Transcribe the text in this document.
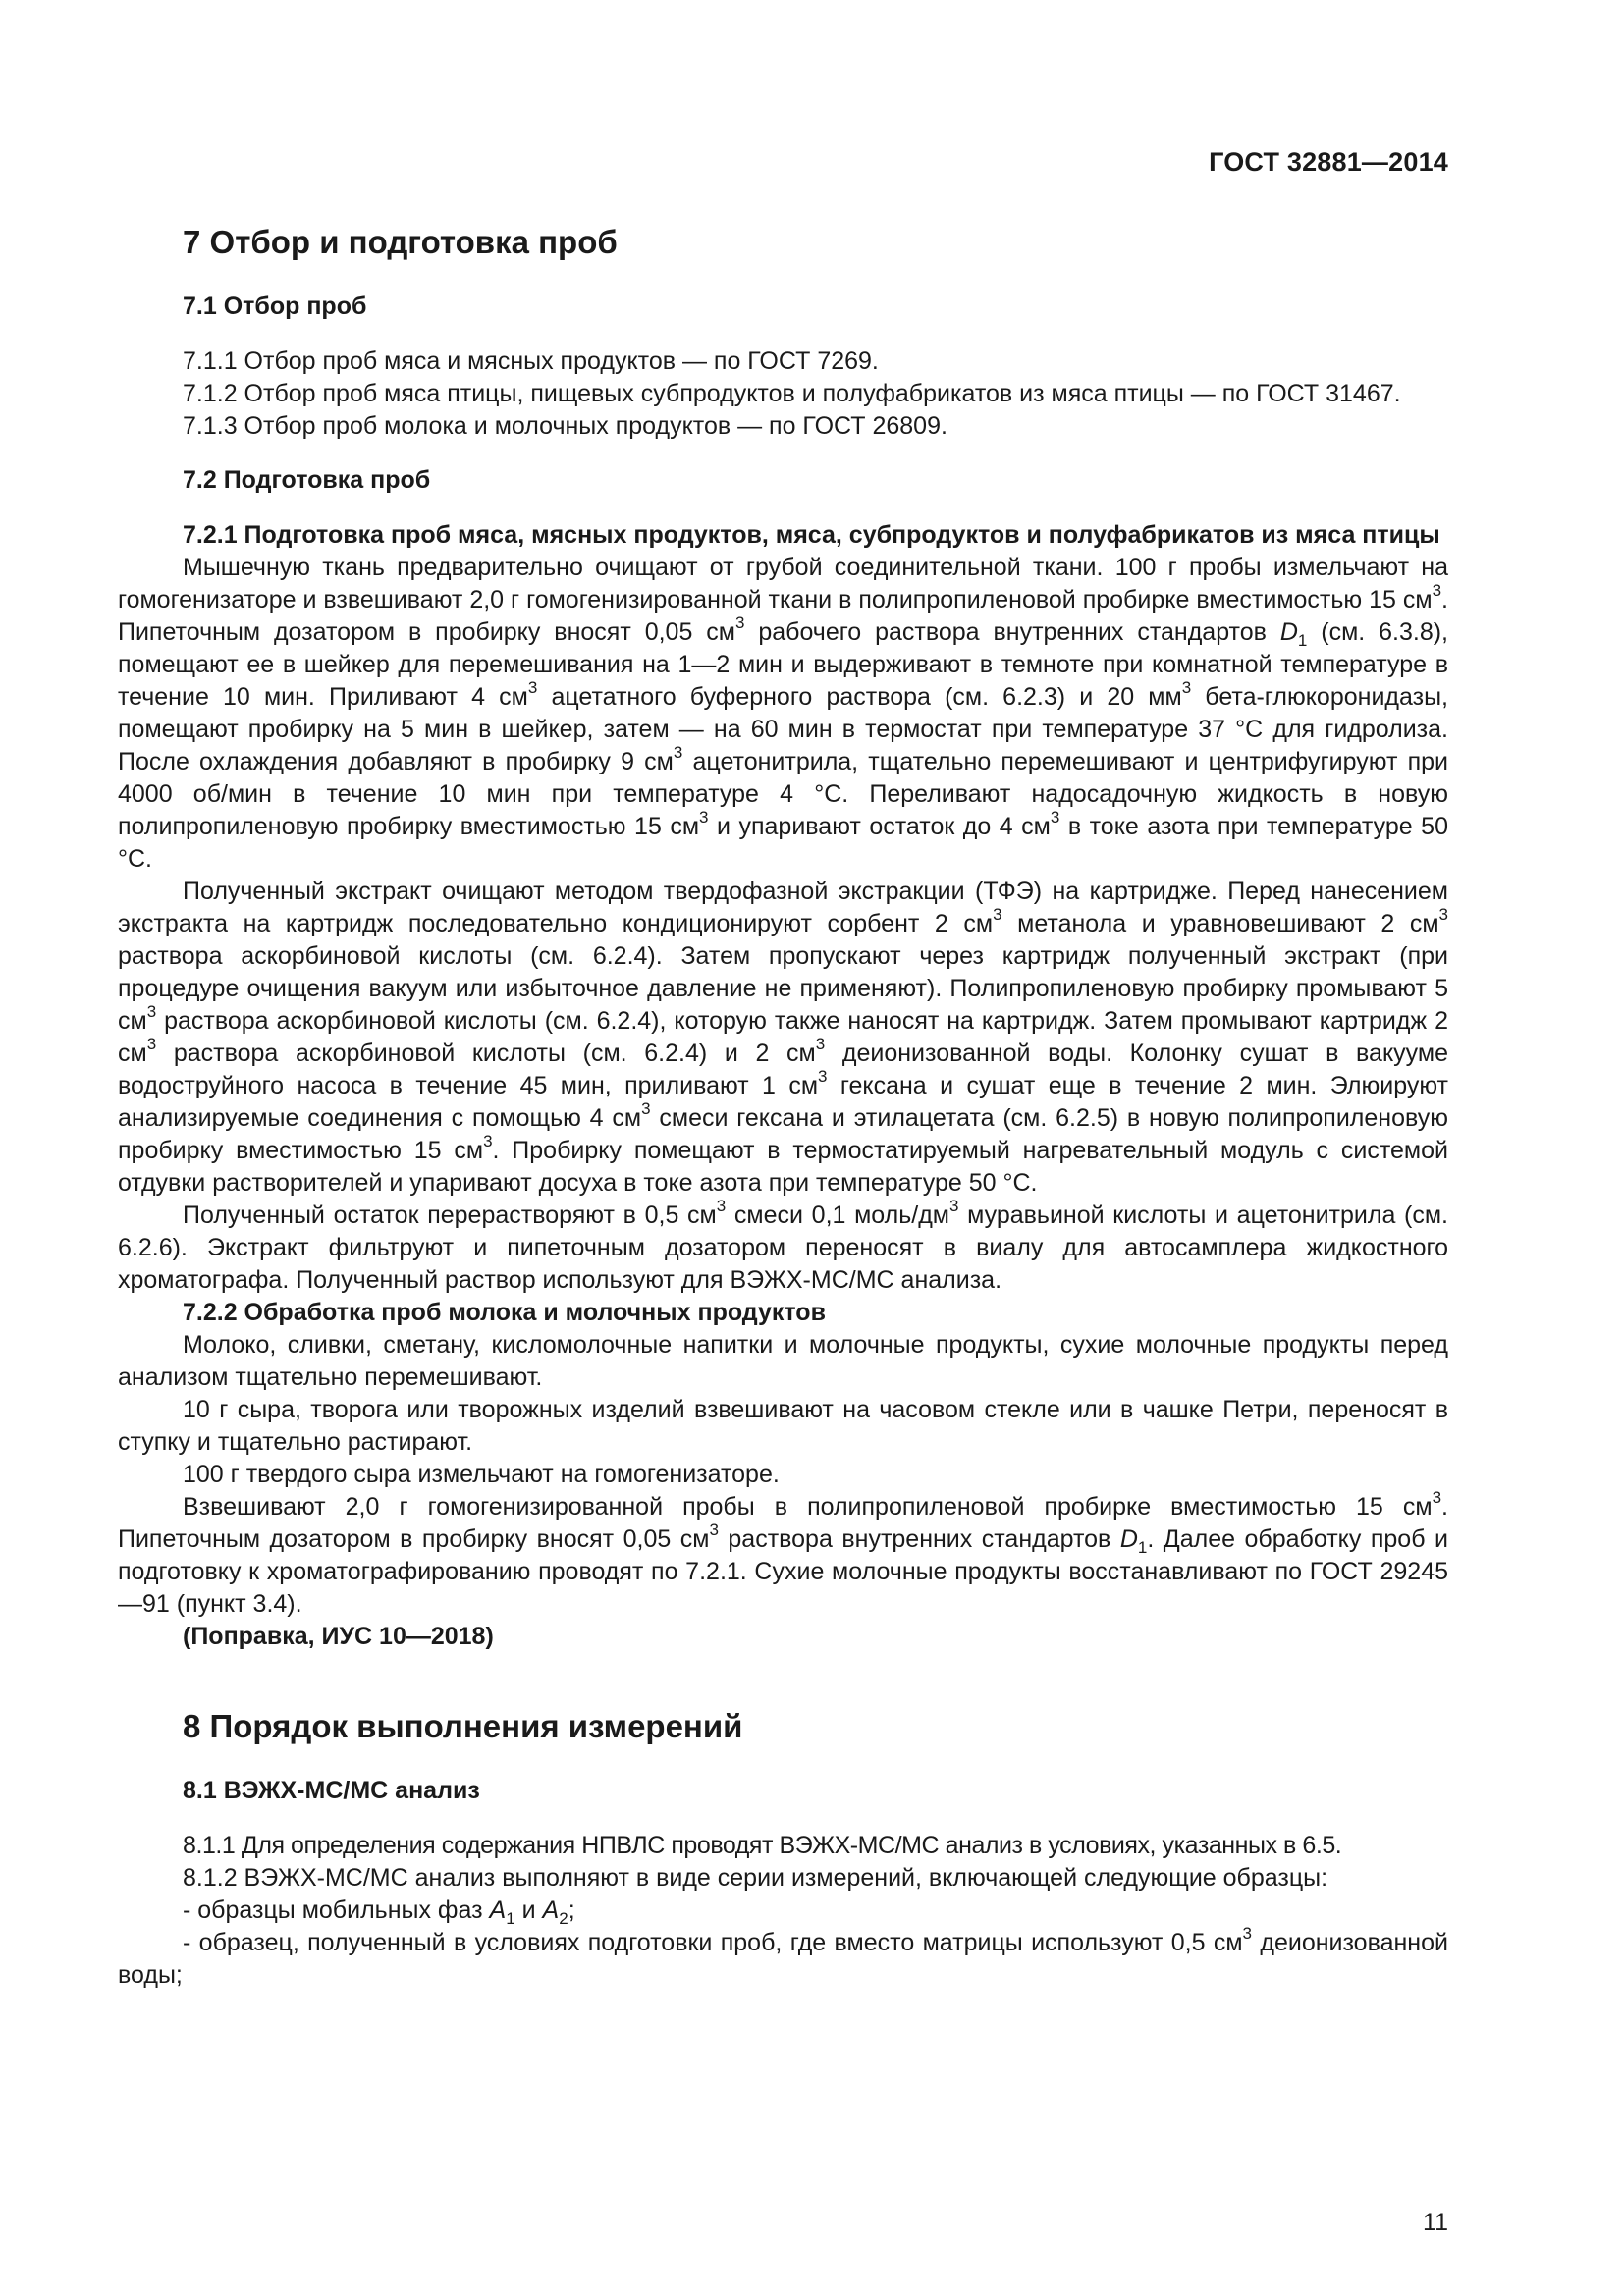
ГОСТ 32881—2014
7 Отбор и подготовка проб
7.1 Отбор проб

7.1.1 Отбор проб мяса и мясных продуктов — по ГОСТ 7269.

7.1.2 Отбор проб мяса птицы, пищевых субпродуктов и полуфабрикатов из мяса птицы — по ГОСТ 31467.

7.1.3 Отбор проб молока и молочных продуктов — по ГОСТ 26809.

7.2 Подготовка проб

7.2.1 Подготовка проб мяса, мясных продуктов, мяса, субпродуктов и полуфабрикатов из мяса птицы

Мышечную ткань предварительно очищают от грубой соединительной ткани. 100 г пробы измельчают на гомогенизаторе и взвешивают 2,0 г гомогенизированной ткани в полипропиленовой пробирке вместимостью 15 $см^3$. Пипеточным дозатором в пробирку вносят 0,05 $см^3$ рабочего раствора внутренних стандартов $D_1$ (см. 6.3.8), помещают ее в шейкер для перемешивания на 1—2 мин и выдерживают в темноте при комнатной температуре в течение 10 мин. Приливают 4 $см^3$ ацетатного буферного раствора (см. 6.2.3) и 20 $мм^3$ бета-глюкоронидазы, помещают пробирку на 5 мин в шейкер, затем — на 60 мин в термостат при температуре 37 °С для гидролиза. После охлаждения добавляют в пробирку 9 $см^3$ ацетонитрила, тщательно перемешивают и центрифугируют при 4000 об/мин в течение 10 мин при температуре 4 °С. Переливают надосадочную жидкость в новую полипропиленовую пробирку вместимостью 15 $см^3$ и упаривают остаток до 4 $см^3$ в токе азота при температуре 50 °С.

Полученный экстракт очищают методом твердофазной экстракции (ТФЭ) на картридже. Перед нанесением экстракта на картридж последовательно кондиционируют сорбент 2 $см^3$ метанола и уравновешивают 2 $см^3$ раствора аскорбиновой кислоты (см. 6.2.4). Затем пропускают через картридж полученный экстракт (при процедуре очищения вакуум или избыточное давление не применяют). Полипропиленовую пробирку промывают 5 $см^3$ раствора аскорбиновой кислоты (см. 6.2.4), которую также наносят на картридж. Затем промывают картридж 2 $см^3$ раствора аскорбиновой кислоты (см. 6.2.4) и 2 $см^3$ деионизованной воды. Колонку сушат в вакууме водоструйного насоса в течение 45 мин, приливают 1 $см^3$ гексана и сушат еще в течение 2 мин. Элюируют анализируемые соединения с помощью 4 $см^3$ смеси гексана и этилацетата (см. 6.2.5) в новую полипропиленовую пробирку вместимостью 15 $см^3$. Пробирку помещают в термостатируемый нагревательный модуль с системой отдувки растворителей и упаривают досуха в токе азота при температуре 50 °С.

Полученный остаток перерастворяют в 0,5 $см^3$ смеси 0,1 моль/$дм^3$ муравьиной кислоты и ацетонитрила (см. 6.2.6). Экстракт фильтруют и пипеточным дозатором переносят в виалу для автосамплера жидкостного хроматографа. Полученный раствор используют для ВЭЖХ-МС/МС анализа.

7.2.2 Обработка проб молока и молочных продуктов

Молоко, сливки, сметану, кисломолочные напитки и молочные продукты, сухие молочные продукты перед анализом тщательно перемешивают.

10 г сыра, творога или творожных изделий взвешивают на часовом стекле или в чашке Петри, переносят в ступку и тщательно растирают.

100 г твердого сыра измельчают на гомогенизаторе.

Взвешивают 2,0 г гомогенизированной пробы в полипропиленовой пробирке вместимостью 15 $см^3$. Пипеточным дозатором в пробирку вносят 0,05 $см^3$ раствора внутренних стандартов $D_1$. Далее обработку проб и подготовку к хроматографированию проводят по 7.2.1. Сухие молочные продукты восстанавливают по ГОСТ 29245—91 (пункт 3.4).

(Поправка, ИУС 10—2018)

8 Порядок выполнения измерений
8.1 ВЭЖХ-МС/МС анализ

8.1.1 Для определения содержания НПВЛС проводят ВЭЖХ-МС/МС анализ в условиях, указанных в 6.5.

8.1.2 ВЭЖХ-МС/МС анализ выполняют в виде серии измерений, включающей следующие образцы:

- образцы мобильных фаз $A_1$ и $A_2$;

- образец, полученный в условиях подготовки проб, где вместо матрицы используют 0,5 $см^3$ деионизованной воды;

11
